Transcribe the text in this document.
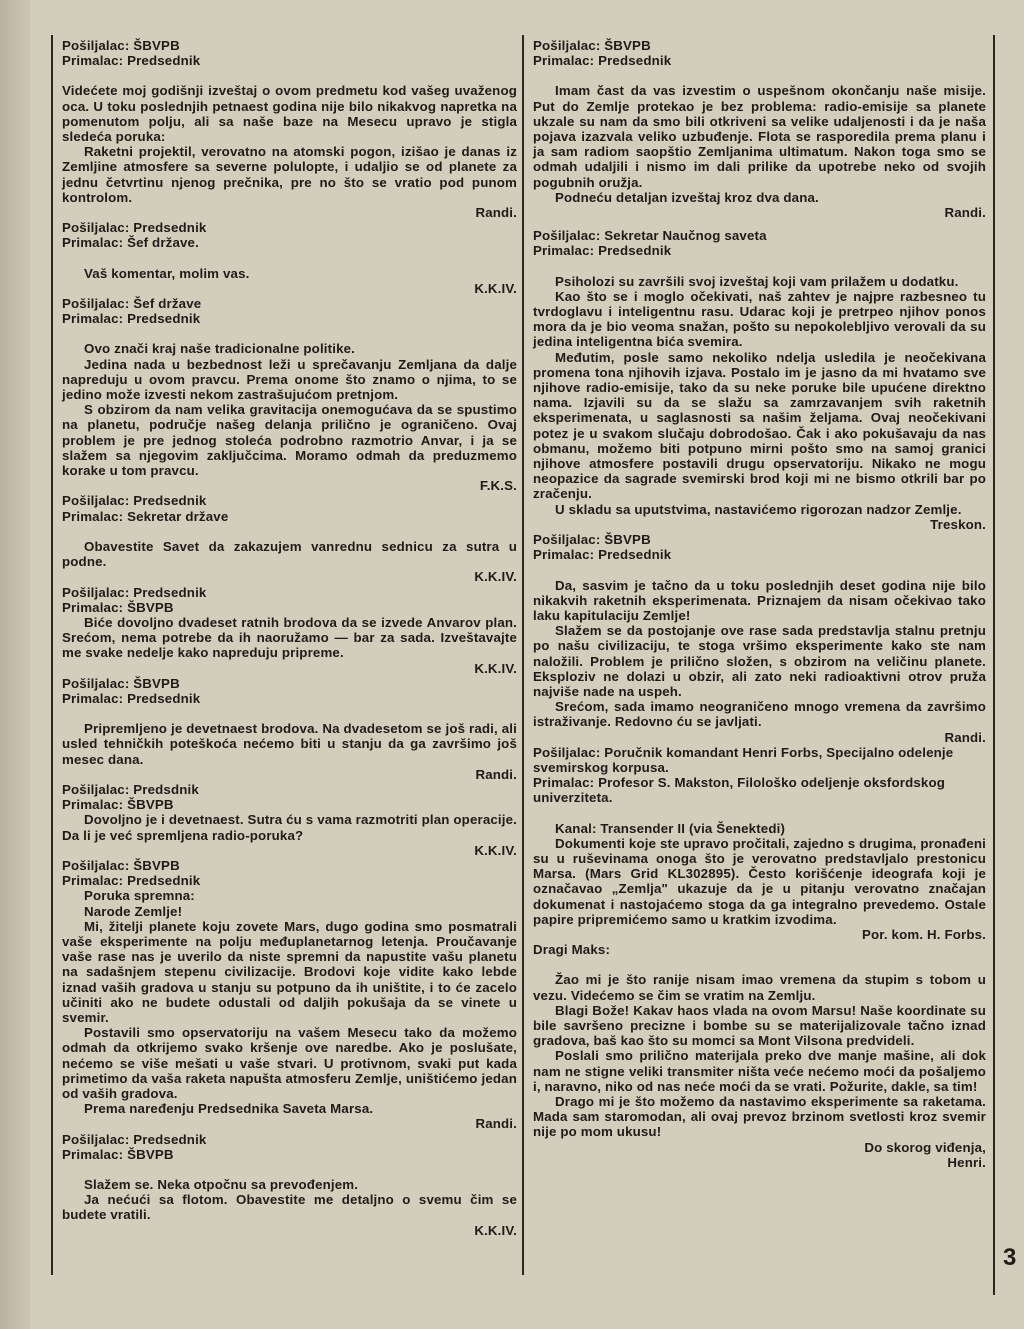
Pošiljalac: ŠBVPB
Primalac: Predsednik

Videćete moj godišnji izveštaj o ovom predmetu kod vašeg uvaženog oca. U toku poslednjih petnaest godina nije bilo nikakvog napretka na pomenutom polju, ali sa naše baze na Mesecu upravo je stigla sledeća poruka:

Raketni projektil, verovatno na atomski pogon, izišao je danas iz Zemljine atmosfere sa severne polulopte, i udaljio se od planete za jednu četvrtinu njenog prečnika, pre no što se vratio pod punom kontrolom.

Randi.
Pošiljalac: Predsednik
Primalac: Šef države.

Vaš komentar, molim vas.

K.K.IV.
Pošiljalac: Šef države
Primalac: Predsednik

Ovo znači kraj naše tradicionalne politike.

Jedina nada u bezbednost leži u sprečavanju Zemljana da dalje napreduju u ovom pravcu. Prema onome što znamo o njima, to se jedino može izvesti nekom zastrašujućom pretnjom.

S obzirom da nam velika gravitacija onemogućava da se spustimo na planetu, područje našeg delanja prilično je ograničeno. Ovaj problem je pre jednog stoleća podrobno razmotrio Anvar, i ja se slažem sa njegovim zaključcima. Moramo odmah da preduzmemo korake u tom pravcu.

F.K.S.
Pošiljalac: Predsednik
Primalac: Sekretar države

Obavestite Savet da zakazujem vanrednu sednicu za sutra u podne.

K.K.IV.
Pošiljalac: Predsednik
Primalac: ŠBVPB

Biće dovoljno dvadeset ratnih brodova da se izvede Anvarov plan. Srećom, nema potrebe da ih naoružamo — bar za sada. Izveštavajte me svake nedelje kako napreduju pripreme.

K.K.IV.
Pošiljalac: ŠBVPB
Primalac: Predsednik

Pripremljeno je devetnaest brodova. Na dvadesetom se još radi, ali usled tehničkih poteškoća nećemo biti u stanju da ga završimo još mesec dana.

Randi.
Pošiljalac: Predsdnik
Primalac: ŠBVPB

Dovoljno je i devetnaest. Sutra ću s vama razmotriti plan operacije. Da li je već spremljena radio-poruka?

K.K.IV.
Pošiljalac: ŠBVPB
Primalac: Predsednik

Poruka spremna:

Narode Zemlje!

Mi, žitelji planete koju zovete Mars, dugo godina smo posmatrali vaše eksperimente na polju međuplanetarnog letenja. Proučavanje vaše rase nas je uverilo da niste spremni da napustite vašu planetu na sadašnjem stepenu civilizacije. Brodovi koje vidite kako lebde iznad vaših gradova u stanju su potpuno da ih uništite, i to će zacelo učiniti ako ne budete odustali od daljih pokušaja da se vinete u svemir.

Postavili smo opservatoriju na vašem Mesecu tako da možemo odmah da otkrijemo svako kršenje ove naredbe. Ako je poslušate, nećemo se više mešati u vaše stvari. U protivnom, svaki put kada primetimo da vaša raketa napušta atmosferu Zemlje, uništićemo jedan od vaših gradova.

Prema naređenju Predsednika Saveta Marsa.

Randi.
Pošiljalac: Predsednik
Primalac: ŠBVPB

Slažem se. Neka otpočnu sa prevođenjem.

Ja nećući sa flotom. Obavestite me detaljno o svemu čim se budete vratili.

K.K.IV.
Pošiljalac: ŠBVPB
Primalac: Predsednik

Imam čast da vas izvestim o uspešnom okončanju naše misije. Put do Zemlje protekao je bez problema: radio-emisije sa planete ukzale su nam da smo bili otkriveni sa velike udaljenosti i da je naša pojava izazvala veliko uzbuđenje. Flota se rasporedila prema planu i ja sam radiom saopštio Zemljanima ultimatum. Nakon toga smo se odmah udaljili i nismo im dali prilike da upotrebe neko od svojih pogubnih oružja.

Podneću detaljan izveštaj kroz dva dana.

Randi.
Pošiljalac: Sekretar Naučnog saveta
Primalac: Predsednik

Psiholozi su završili svoj izveštaj koji vam prilažem u dodatku.

Kao što se i moglo očekivati, naš zahtev je najpre razbesneo tu tvrdoglavu i inteligentnu rasu. Udarac koji je pretrpeo njihov ponos mora da je bio veoma snažan, pošto su nepokolebljivo verovali da su jedina inteligentna bića svemira.

Međutim, posle samo nekoliko ndelja usledila je neočekivana promena tona njihovih izjava. Postalo im je jasno da mi hvatamo sve njihove radio-emisije, tako da su neke poruke bile upućene direktno nama. Izjavili su da se slažu sa zamrzavanjem svih raketnih eksperimenata, u saglasnosti sa našim željama. Ovaj neočekivani potez je u svakom slučaju dobrodošao. Čak i ako pokušavaju da nas obmanu, možemo biti potpuno mirni pošto smo na samoj granici njihove atmosfere postavili drugu opservatoriju. Nikako ne mogu neopazice da sagrade svemirski brod koji mi ne bismo otkrili bar po zračenju.

U skladu sa uputstvima, nastavićemo rigorozan nadzor Zemlje.

Treskon.
Pošiljalac: ŠBVPB
Primalac: Predsednik

Da, sasvim je tačno da u toku poslednjih deset godina nije bilo nikakvih raketnih eksperimenata. Priznajem da nisam očekivao tako laku kapitulaciju Zemlje!

Slažem se da postojanje ove rase sada predstavlja stalnu pretnju po našu civilizaciju, te stoga vršimo eksperimente kako ste nam naložili. Problem je prilično složen, s obzirom na veličinu planete. Eksploziv ne dolazi u obzir, ali zato neki radioaktivni otrov pruža najviše nade na uspeh.

Srećom, sada imamo neograničeno mnogo vremena da završimo istraživanje. Redovno ću se javljati.

Randi.
Pošiljalac: Poručnik komandant Henri Forbs, Specijalno odelenje svemirskog korpusa.
Primalac: Profesor S. Makston, Filološko odeljenje oksfordskog univerziteta.

Kanal: Transender II (via Šenektedi)

Dokumenti koje ste upravo pročitali, zajedno s drugima, pronađeni su u ruševinama onoga što je verovatno predstavljalo prestonicu Marsa. (Mars Grid KL302895). Često korišćenje ideografa koji je označavao „Zemlja" ukazuje da je u pitanju verovatno značajan dokumenat i nastojaćemo stoga da ga integralno prevedemo. Ostale papire pripremićemo samo u kratkim izvodima.

Por. kom. H. Forbs.
Dragi Maks:

Žao mi je što ranije nisam imao vremena da stupim s tobom u vezu. Videćemo se čim se vratim na Zemlju.

Blagi Bože! Kakav haos vlada na ovom Marsu! Naše koordinate su bile savršeno precizne i bombe su se materijalizovale tačno iznad gradova, baš kao što su momci sa Mont Vilsona predvideli.

Poslali smo prilično materijala preko dve manje mašine, ali dok nam ne stigne veliki transmiter ništa veće nećemo moći da pošaljemo i, naravno, niko od nas neće moći da se vrati. Požurite, dakle, sa tim!

Drago mi je što možemo da nastavimo eksperimente sa raketama. Mada sam staromodan, ali ovaj prevoz brzinom svetlosti kroz svemir nije po mom ukusu!

Do skorog viđenja,
Henri.
3
